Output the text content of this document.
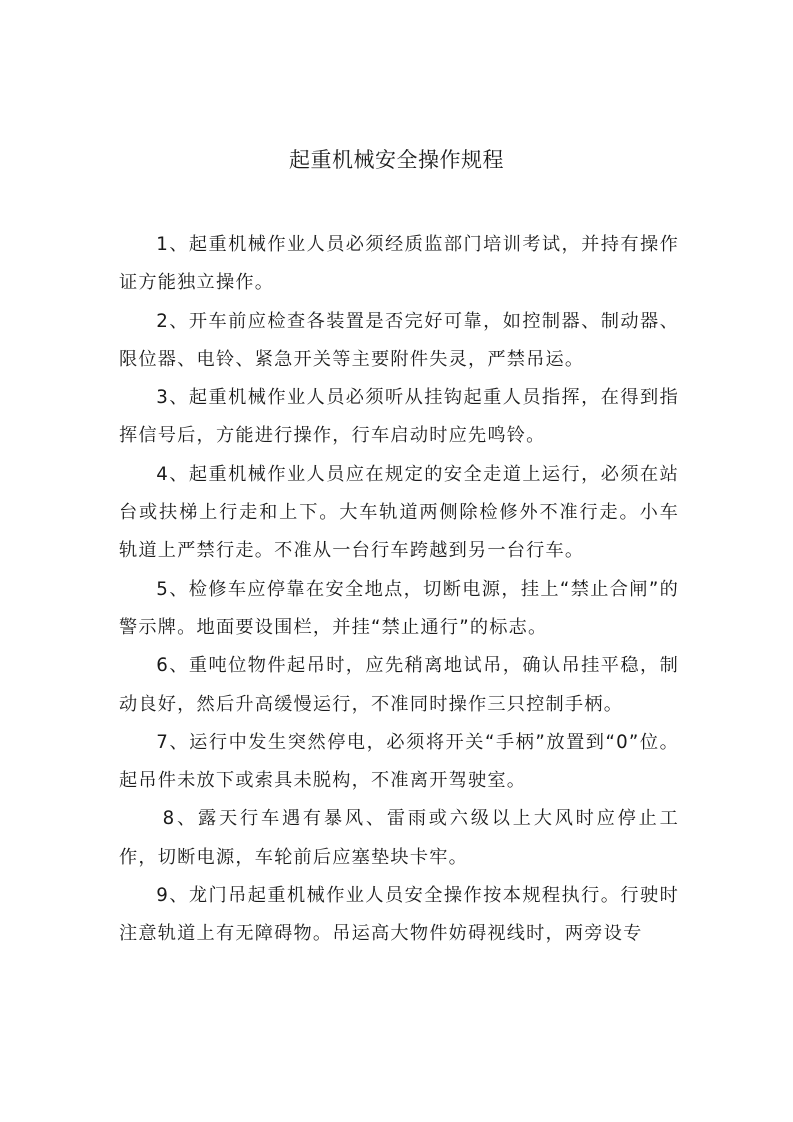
起重机械安全操作规程

1、起重机械作业人员必须经质监部门培训考试，并持有操作证方能独立操作。

2、开车前应检查各装置是否完好可靠，如控制器、制动器、限位器、电铃、紧急开关等主要附件失灵，严禁吊运。

3、起重机械作业人员必须听从挂钩起重人员指挥，在得到指挥信号后，方能进行操作，行车启动时应先鸣铃。

4、起重机械作业人员应在规定的安全走道上运行，必须在站台或扶梯上行走和上下。大车轨道两侧除检修外不准行走。小车轨道上严禁行走。不准从一台行车跨越到另一台行车。

5、检修车应停靠在安全地点，切断电源，挂上“禁止合闸”的警示牌。地面要设围栏，并挂“禁止通行”的标志。

6、重吨位物件起吊时，应先稍离地试吊，确认吊挂平稳，制动良好，然后升高缓慢运行，不准同时操作三只控制手柄。

7、运行中发生突然停电，必须将开关“手柄”放置到“0”位。起吊件未放下或索具未脱构，不准离开驾驶室。

8、露天行车遇有暴风、雷雨或六级以上大风时应停止工作，切断电源，车轮前后应塞垫块卡牢。

9、龙门吊起重机械作业人员安全操作按本规程执行。行驶时注意轨道上有无障碍物。吊运高大物件妨碍视线时，两旁设专
